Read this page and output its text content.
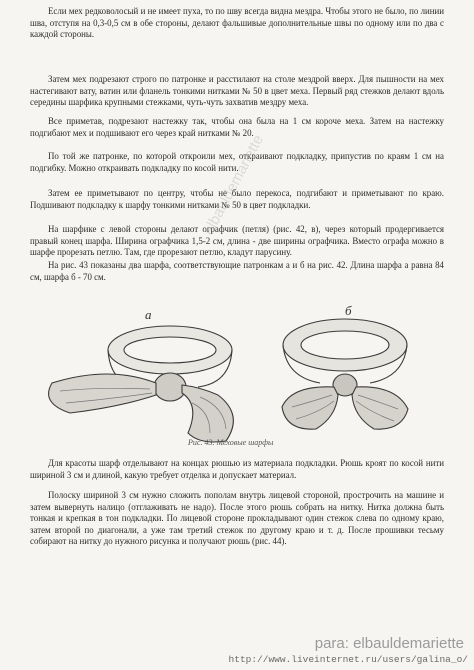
Если мех редковолосый и не имеет пуха, то по шву всегда видна мездра. Чтобы этого не было, по линии шва, отступя на 0,3-0,5 см в обе стороны, делают фальшивые дополнительные швы по одному или по два с каждой стороны.

Затем мех подрезают строго по патронке и расстилают на столе мездрой вверх. Для пышности на мех настегивают вату, ватин или фланель тонкими нитками № 50 в цвет меха. Первый ряд стежков делают вдоль середины шарфика крупными стежками, чуть-чуть захватив мездру меха.

Все приметав, подрезают настежку так, чтобы она была на 1 см короче меха. Затем на настежку подгибают мех и подшивают его через край нитками № 20.

По той же патронке, по которой откроили мех, откраивают подкладку, припустив по краям 1 см на подгибку. Можно откраивать подкладку по косой нити.

Затем ее приметывают по центру, чтобы не было перекоса, подгибают и приметывают по краю. Подшивают подкладку к шарфу тонкими нитками № 50 в цвет подкладки.

На шарфике с левой стороны делают ографчик (петля) (рис. 42, в), через который продергивается правый конец шарфа. Ширина ографчика 1,5-2 см, длина - две ширины ографчика. Вместо ографа можно в шарфе прорезать петлю. Там, где прорезают петлю, кладут парусину.

На рис. 43 показаны два шарфа, соответствующие патронкам а и б на рис. 42. Длина шарфа а равна 84 см, шарфа б - 70 см.

а	б
Рис. 43. Меховые шарфы

Для красоты шарф отделывают на концах рюшью из материала подкладки. Рюшь кроят по косой нити шириной 3 см и длиной, какую требует отделка и допускает материал.

Полоску шириной 3 см нужно сложить пополам внутрь лицевой стороной, прострочить на машине и затем вывернуть налицо (отглаживать не надо). После этого рюшь собрать на нитку. Нитка должна быть тонкая и крепкая в тон подкладки. По лицевой стороне прокладывают один стежок слева по одному краю, затем второй по диагонали, а уже там третий стежок по другому краю и т. д. После прошивки тесьму собирают на нитку до нужного рисунка и получают рюшь (рис. 44).

elbauldemariette
para: elbauldemariette
http://www.liveinternet.ru/users/galina_o/
